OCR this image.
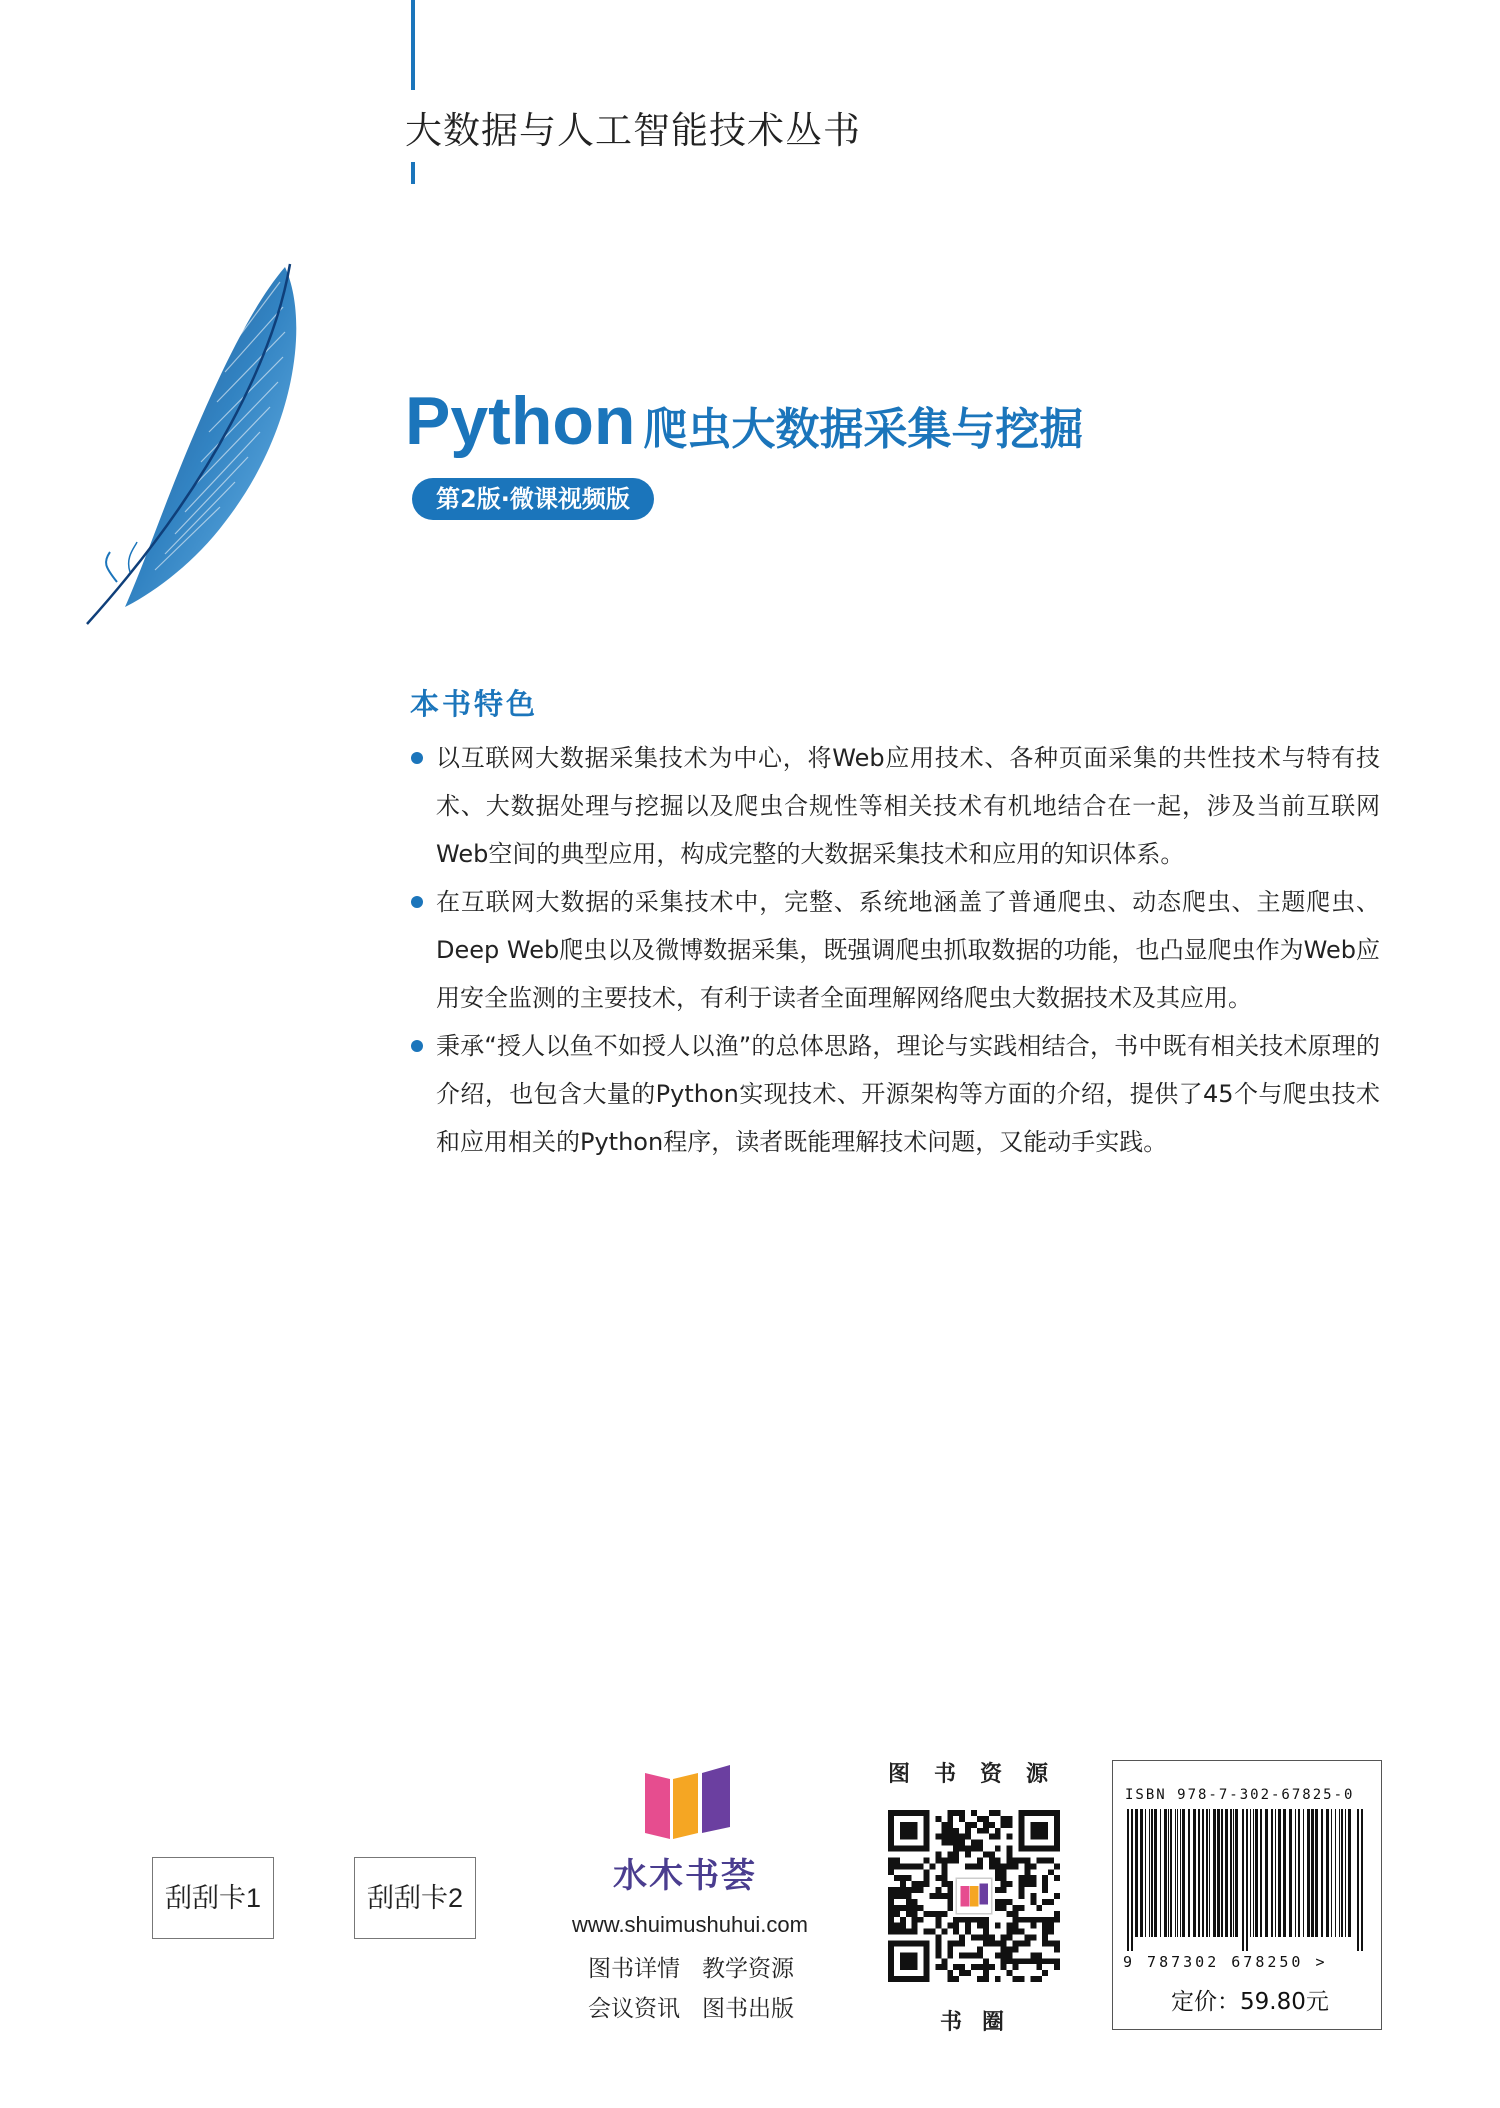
大数据与人工智能技术丛书
Python 爬虫大数据采集与挖掘
第2版·微课视频版
本书特色
以互联网大数据采集技术为中心，将Web应用技术、各种页面采集的共性技术与特有技术、大数据处理与挖掘以及爬虫合规性等相关技术有机地结合在一起，涉及当前互联网Web空间的典型应用，构成完整的大数据采集技术和应用的知识体系。
在互联网大数据的采集技术中，完整、系统地涵盖了普通爬虫、动态爬虫、主题爬虫、Deep Web爬虫以及微博数据采集，既强调爬虫抓取数据的功能，也凸显爬虫作为Web应用安全监测的主要技术，有利于读者全面理解网络爬虫大数据技术及其应用。
秉承“授人以鱼不如授人以渔”的总体思路，理论与实践相结合，书中既有相关技术原理的介绍，也包含大量的Python实现技术、开源架构等方面的介绍，提供了45个与爬虫技术和应用相关的Python程序，读者既能理解技术问题，又能动手实践。
刮刮卡1	刮刮卡2
水木书荟
www.shuimushuhui.com
图书详情 教学资源
会议资讯 图书出版
图书资源
书圈
ISBN 978-7-302-67825-0
9 787302 678250 >
定价：59.80元
